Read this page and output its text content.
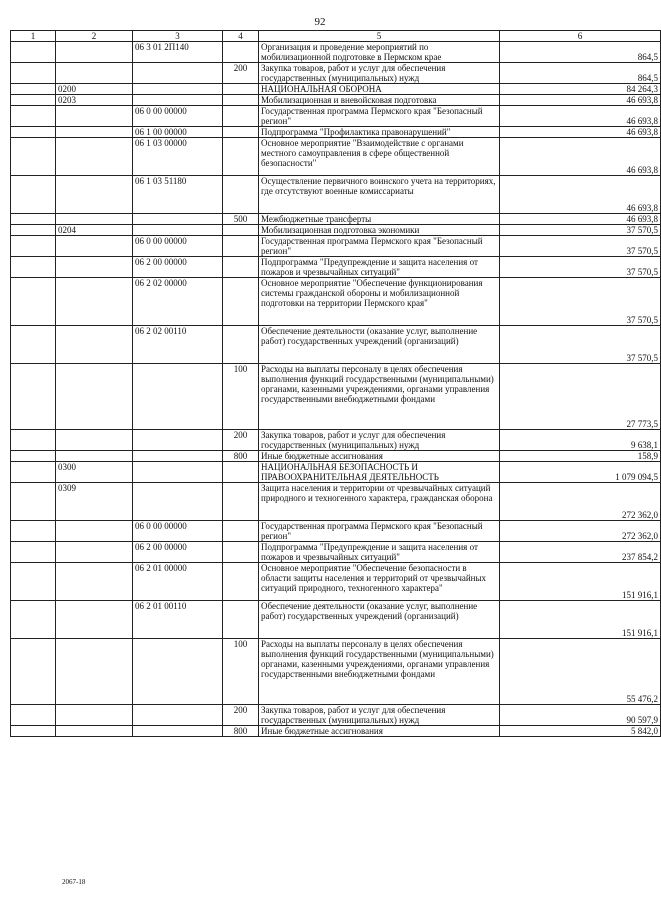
92
1	2	3	4	5	6
		06 3 01 2П140		Организация и проведение мероприятий по мобилизационной подготовке в Пермском крае	864,5
			200	Закупка товаров, работ и услуг для обеспечения государственных (муниципальных) нужд	864,5
	0200			НАЦИОНАЛЬНАЯ ОБОРОНА	84 264,3
	0203			Мобилизационная и вневойсковая подготовка	46 693,8
		06 0 00 00000		Государственная программа Пермского края "Безопасный регион"	46 693,8
		06 1 00 00000		Подпрограмма "Профилактика правонарушений"	46 693,8
		06 1 03 00000		Основное мероприятие "Взаимодействие с органами местного самоуправления в сфере общественной безопасности"	46 693,8
		06 1 03 51180		Осуществление первичного воинского учета на территориях, где отсутствуют военные комиссариаты	46 693,8
			500	Межбюджетные трансферты	46 693,8
	0204			Мобилизационная подготовка экономики	37 570,5
		06 0 00 00000		Государственная программа Пермского края "Безопасный регион"	37 570,5
		06 2 00 00000		Подпрограмма "Предупреждение и защита населения от пожаров и чрезвычайных ситуаций"	37 570,5
		06 2 02 00000		Основное мероприятие "Обеспечение функционирования системы гражданской обороны и мобилизационной подготовки на территории Пермского края"	37 570,5
		06 2 02 00110		Обеспечение деятельности (оказание услуг, выполнение работ) государственных учреждений (организаций)	37 570,5
			100	Расходы на выплаты персоналу в целях обеспечения выполнения функций государственными (муниципальными) органами, казенными учреждениями, органами управления государственными внебюджетными фондами	27 773,5
			200	Закупка товаров, работ и услуг для обеспечения государственных (муниципальных) нужд	9 638,1
			800	Иные бюджетные ассигнования	158,9
	0300			НАЦИОНАЛЬНАЯ БЕЗОПАСНОСТЬ И ПРАВООХРАНИТЕЛЬНАЯ ДЕЯТЕЛЬНОСТЬ	1 079 094,5
	0309			Защита населения и территории от чрезвычайных ситуаций природного и техногенного характера, гражданская оборона	272 362,0
		06 0 00 00000		Государственная программа Пермского края "Безопасный регион"	272 362,0
		06 2 00 00000		Подпрограмма "Предупреждение и защита населения от пожаров и чрезвычайных ситуаций"	237 854,2
		06 2 01 00000		Основное мероприятие "Обеспечение безопасности в области защиты населения и территорий от чрезвычайных ситуаций природного, техногенного характера"	151 916,1
		06 2 01 00110		Обеспечение деятельности (оказание услуг, выполнение работ) государственных учреждений (организаций)	151 916,1
			100	Расходы на выплаты персоналу в целях обеспечения выполнения функций государственными (муниципальными) органами, казенными учреждениями, органами управления государственными внебюджетными фондами	55 476,2
			200	Закупка товаров, работ и услуг для обеспечения государственных (муниципальных) нужд	90 597,9
			800	Иные бюджетные ассигнования	5 842,0
2067-18
